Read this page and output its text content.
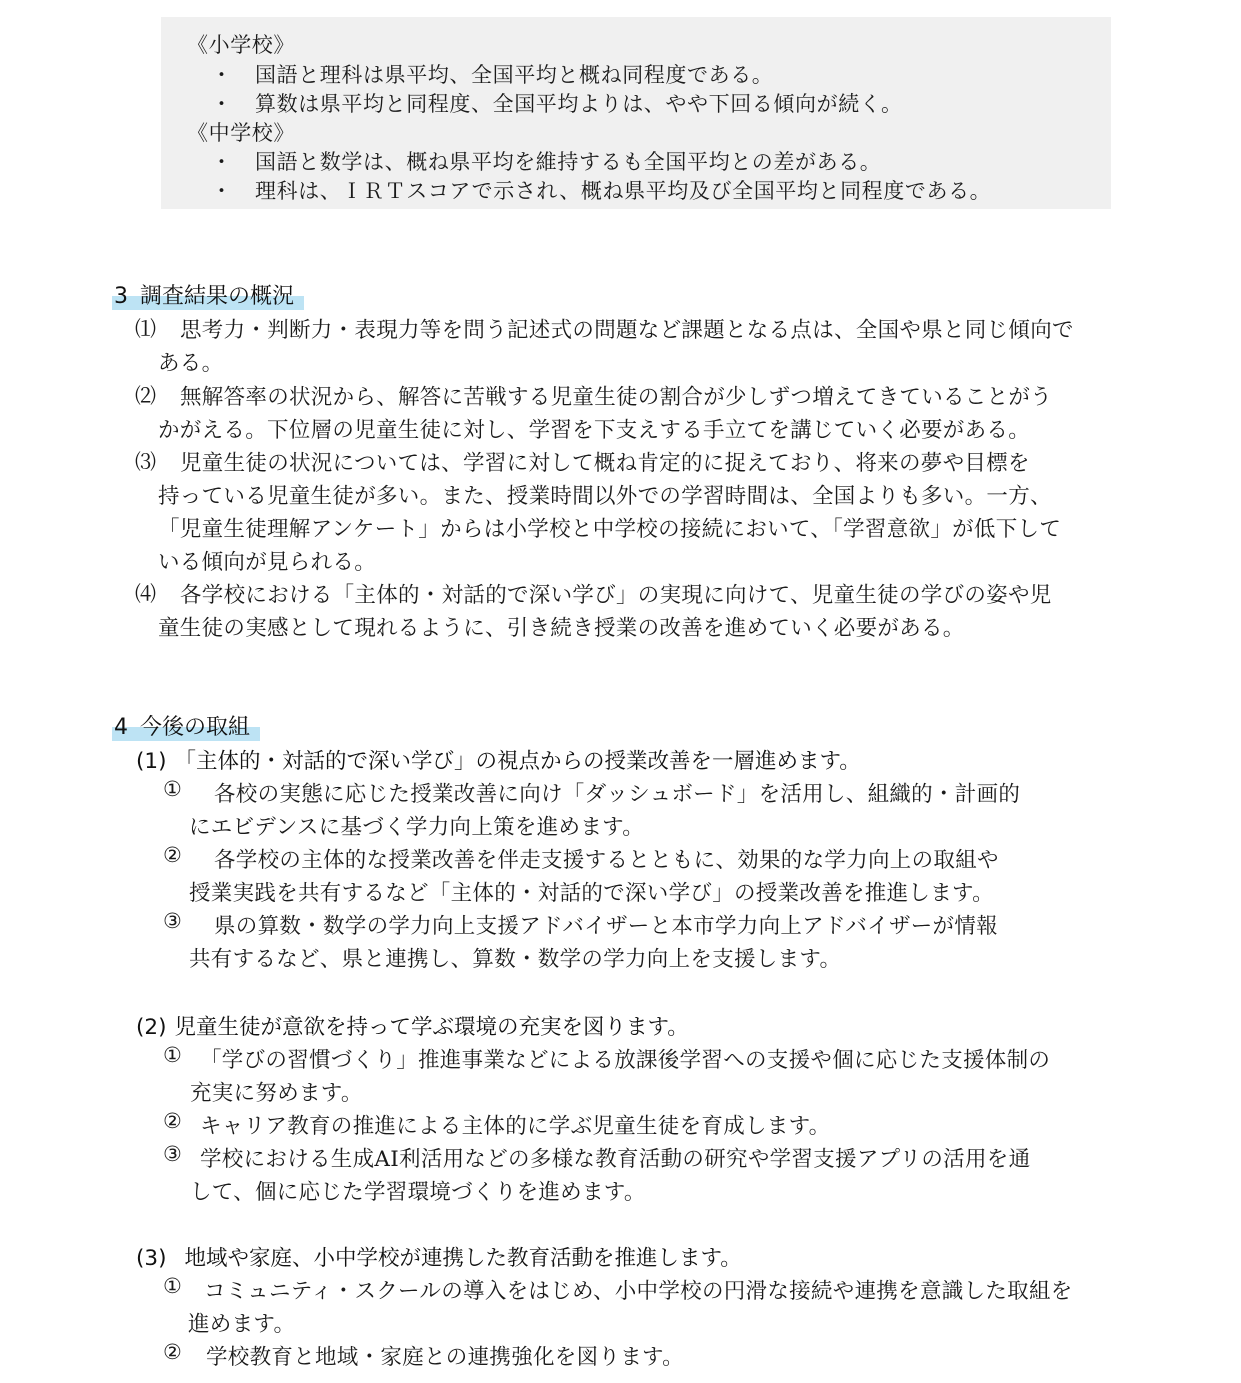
《小学校》
・ 国語と理科は県平均、全国平均と概ね同程度である。
・ 算数は県平均と同程度、全国平均よりは、やや下回る傾向が続く。
《中学校》
・ 国語と数学は、概ね県平均を維持するも全国平均との差がある。
・ 理科は、ＩＲＴスコアで示され、概ね県平均及び全国平均と同程度である。
3 調査結果の概況
⑴ 思考力・判断力・表現力等を問う記述式の問題など課題となる点は、全国や県と同じ傾向で
ある。
⑵ 無解答率の状況から、解答に苦戦する児童生徒の割合が少しずつ増えてきていることがう
かがえる。下位層の児童生徒に対し、学習を下支えする手立てを講じていく必要がある。
⑶ 児童生徒の状況については、学習に対して概ね肯定的に捉えており、将来の夢や目標を
持っている児童生徒が多い。また、授業時間以外での学習時間は、全国よりも多い。一方、
「児童生徒理解アンケート」からは小学校と中学校の接続において、「学習意欲」が低下して
いる傾向が見られる。
⑷ 各学校における「主体的・対話的で深い学び」の実現に向けて、児童生徒の学びの姿や児
童生徒の実感として現れるように、引き続き授業の改善を進めていく必要がある。
4 今後の取組
(1) 「主体的・対話的で深い学び」の視点からの授業改善を一層進めます。
① 各校の実態に応じた授業改善に向け「ダッシュボード」を活用し、組織的・計画的
にエビデンスに基づく学力向上策を進めます。
② 各学校の主体的な授業改善を伴走支援するとともに、効果的な学力向上の取組や
授業実践を共有するなど「主体的・対話的で深い学び」の授業改善を推進します。
③ 県の算数・数学の学力向上支援アドバイザーと本市学力向上アドバイザーが情報
共有するなど、県と連携し、算数・数学の学力向上を支援します。
(2) 児童生徒が意欲を持って学ぶ環境の充実を図ります。
① 「学びの習慣づくり」推進事業などによる放課後学習への支援や個に応じた支援体制の
充実に努めます。
② キャリア教育の推進による主体的に学ぶ児童生徒を育成します。
③ 学校における生成AI利活用などの多様な教育活動の研究や学習支援アプリの活用を通
して、個に応じた学習環境づくりを進めます。
(3) 地域や家庭、小中学校が連携した教育活動を推進します。
① コミュニティ・スクールの導入をはじめ、小中学校の円滑な接続や連携を意識した取組を
進めます。
② 学校教育と地域・家庭との連携強化を図ります。
